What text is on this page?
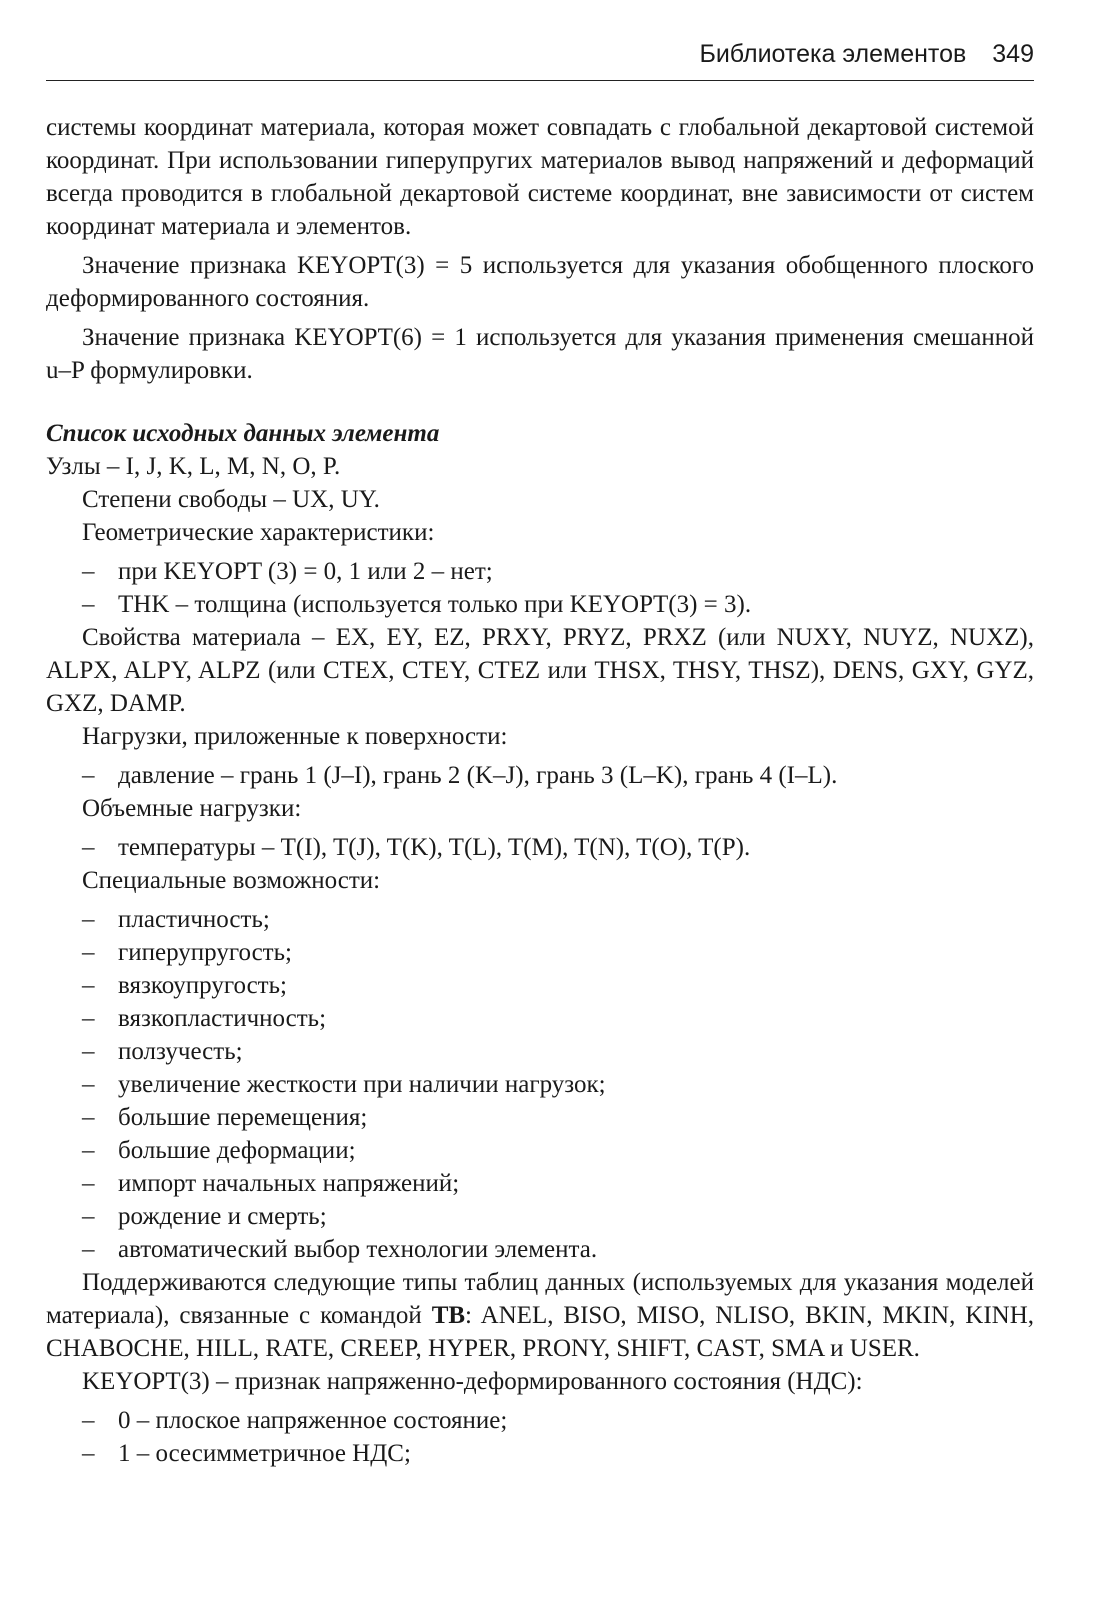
Библиотека элементов 349

системы координат материала, которая может совпадать с глобальной декартовой системой координат. При использовании гиперупругих материалов вывод напряжений и деформаций всегда проводится в глобальной декартовой системе координат, вне зависимости от систем координат материала и элементов.

Значение признака KEYOPT(3) = 5 используется для указания обобщенного плоского деформированного состояния.

Значение признака KEYOPT(6) = 1 используется для указания применения смешанной u–P формулировки.

Список исходных данных элемента

Узлы – I, J, K, L, M, N, O, P.

Степени свободы – UX, UY.

Геометрические характеристики:

– при KEYOPT (3) = 0, 1 или 2 – нет;
– THK – толщина (используется только при KEYOPT(3) = 3).

Свойства материала – EX, EY, EZ, PRXY, PRYZ, PRXZ (или NUXY, NUYZ, NUXZ), ALPX, ALPY, ALPZ (или CTEX, CTEY, CTEZ или THSX, THSY, THSZ), DENS, GXY, GYZ, GXZ, DAMP.

Нагрузки, приложенные к поверхности:

– давление – грань 1 (J–I), грань 2 (K–J), грань 3 (L–K), грань 4 (I–L).

Объемные нагрузки:

– температуры – T(I), T(J), T(K), T(L), T(M), T(N), T(O), T(P).

Специальные возможности:

– пластичность;
– гиперупругость;
– вязкоупругость;
– вязкопластичность;
– ползучесть;
– увеличение жесткости при наличии нагрузок;
– большие перемещения;
– большие деформации;
– импорт начальных напряжений;
– рождение и смерть;
– автоматический выбор технологии элемента.

Поддерживаются следующие типы таблиц данных (используемых для указания моделей материала), связанные с командой TB: ANEL, BISO, MISO, NLISO, BKIN, MKIN, KINH, CHABOCHE, HILL, RATE, CREEP, HYPER, PRONY, SHIFT, CAST, SMA и USER.

KEYOPT(3) – признак напряженно-деформированного состояния (НДС):

– 0 – плоское напряженное состояние;
– 1 – осесимметричное НДС;
